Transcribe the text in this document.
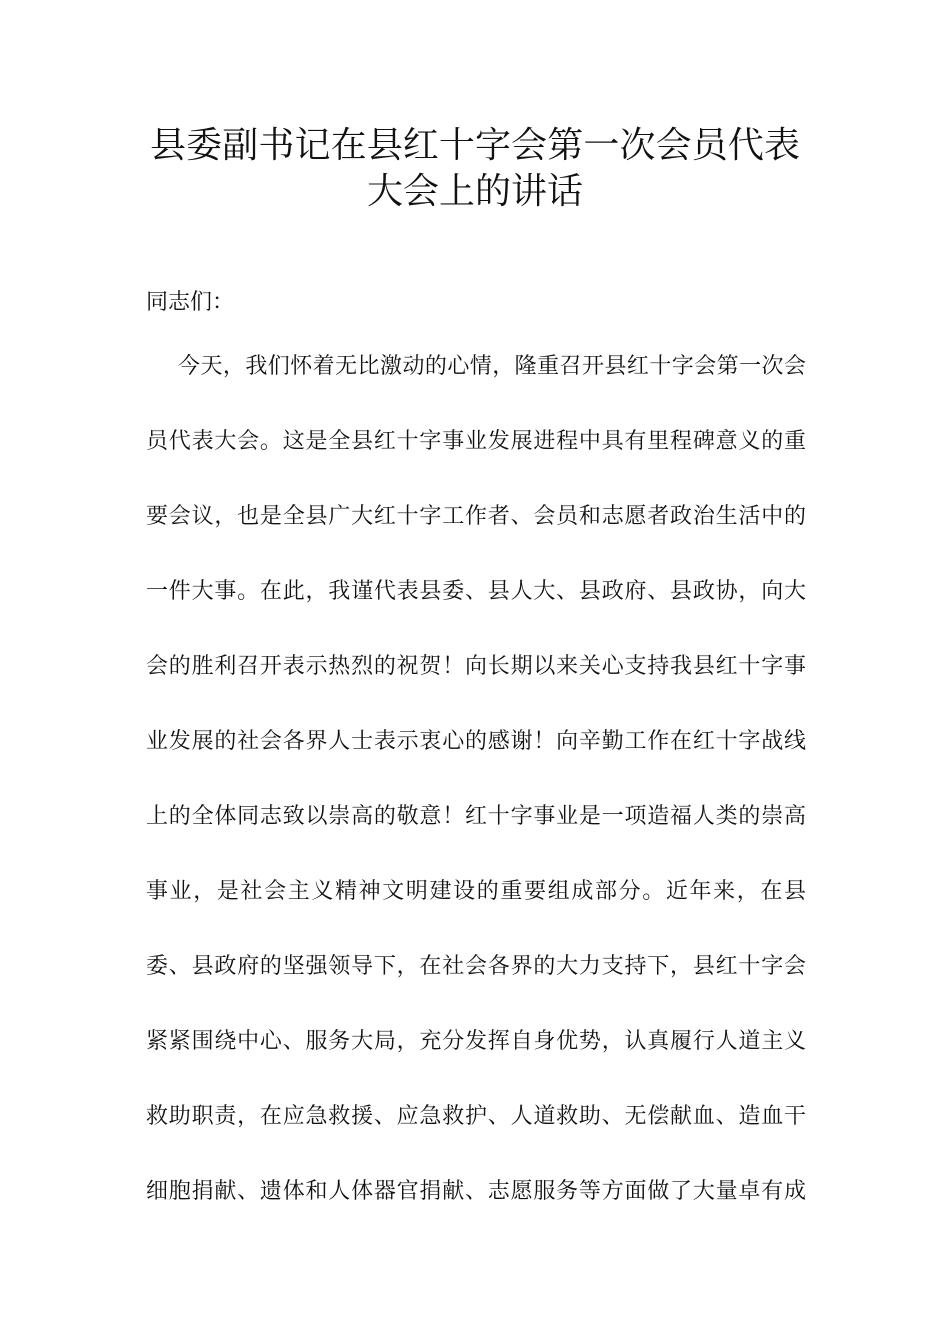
县委副书记在县红十字会第一次会员代表
大会上的讲话
同志们：
今天，我们怀着无比激动的心情，隆重召开县红十字会第一次会
员代表大会。这是全县红十字事业发展进程中具有里程碑意义的重
要会议，也是全县广大红十字工作者、会员和志愿者政治生活中的
一件大事。在此，我谨代表县委、县人大、县政府、县政协，向大
会的胜利召开表示热烈的祝贺！向长期以来关心支持我县红十字事
业发展的社会各界人士表示衷心的感谢！向辛勤工作在红十字战线
上的全体同志致以崇高的敬意！红十字事业是一项造福人类的崇高
事业，是社会主义精神文明建设的重要组成部分。近年来，在县
委、县政府的坚强领导下，在社会各界的大力支持下，县红十字会
紧紧围绕中心、服务大局，充分发挥自身优势，认真履行人道主义
救助职责，在应急救援、应急救护、人道救助、无偿献血、造血干
细胞捐献、遗体和人体器官捐献、志愿服务等方面做了大量卓有成
